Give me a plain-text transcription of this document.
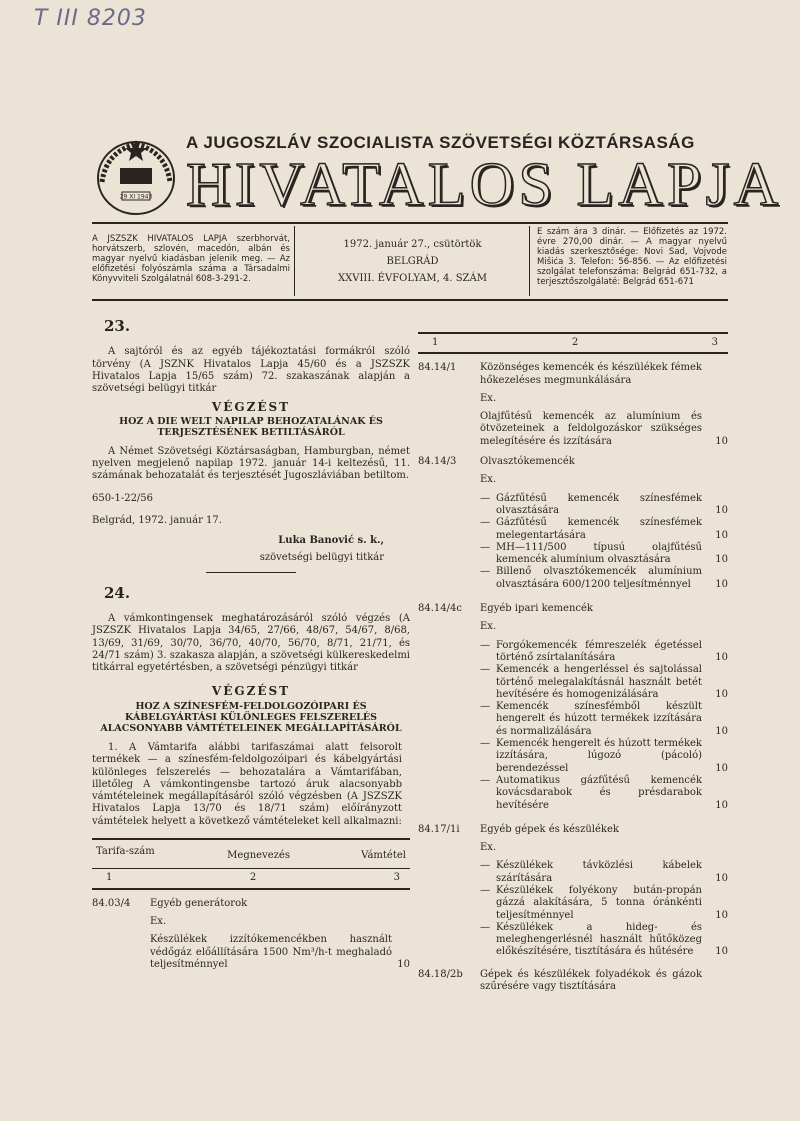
T III 8203
29 XI 1943
A JUGOSZLÁV SZOCIALISTA SZÖVETSÉGI KÖZTÁRSASÁG
HIVATALOS LAPJA
A JSZSZK HIVATALOS LAPJA szerbhorvát, horvátszerb, szlovén, macedón, albán és magyar nyelvű kiadásban jelenik meg. — Az előfizetési folyószámla száma a Társadalmi Könyvviteli Szolgálatnál 608-3-291-2.
1972. január 27., csütörtök
BELGRÁD
XXVIII. ÉVFOLYAM, 4. SZÁM
E szám ára 3 dinár. — Előfizetés az 1972. évre 270,00 dinár. — A magyar nyelvű kiadás szerkesztősége: Novi Sad, Vojvode Mišića 3. Telefon: 56-856. — Az előfizetési szolgálat telefonszáma: Belgrád 651-732, a terjesztőszolgálaté: Belgrád 651-671
23.

A sajtóról és az egyéb tájékoztatási formákról szóló törvény (A JSZNK Hivatalos Lapja 45/60 és a JSZSZK Hivatalos Lapja 15/65 szám) 72. szakaszának alapján a szövetségi belügyi titkár

VÉGZÉST
HOZ A DIE WELT NAPILAP BEHOZATALÁNAK ÉS TERJESZTÉSÉNEK BETILTÁSÁRÓL

A Német Szövetségi Köztársaságban, Hamburgban, német nyelven megjelenő napilap 1972. január 14-i keltezésű, 11. számának behozatalát és terjesztését Jugoszláviában betiltom.

650-1-22/56

Belgrád, 1972. január 17.

Luka Banović s. k.,

szövetségi belügyi titkár

24.

A vámkontingensek meghatározásáról szóló végzés (A JSZSZK Hivatalos Lapja 34/65, 27/66, 48/67, 54/67, 8/68, 13/69, 31/69, 30/70, 36/70, 40/70, 56/70, 8/71, 21/71, és 24/71 szám) 3. szakasza alapján, a szövetségi külkereskedelmi titkárral egyetértésben, a szövetségi pénzügyi titkár

VÉGZÉST
HOZ A SZÍNESFÉM-FELDOLGOZÓIPARI ÉS KÁBELGYÁRTÁSI KÜLÖNLEGES FELSZERELÉS ALACSONYABB VÁMTÉTELEINEK MEGÁLLAPÍTÁSÁRÓL

1. A Vámtarifa alábbi tarifaszámai alatt felsorolt termékek — a színesfém-feldolgozóipari és kábelgyártási különleges felszerelés — behozatalára a Vámtarifában, illetőleg A vámkontingensbe tartozó áruk alacsonyabb vámtételeinek megállapításáról szóló végzésben (A JSZSZK Hivatalos Lapja 13/70 és 18/71 szám) előírányzott vámtételek helyett a következő vámtételeket kell alkalmazni:

Tarifa-szám	Megnevezés	Vámtétel
1	2	3
84.03/4	Egyéb generátorok
Ex.
Készülékek izzítókemencékben használt védőgáz előállítására 1500 Nm³/h-t meghaladó teljesítménnyel	10
1	2	3
84.14/1	Közönséges kemencék és készülékek fémek hőkezeléses megmunkálására
Ex.
Olajfűtésű kemencék az alumínium és ötvözeteinek a feldolgozáskor szükséges melegítésére és izzítására	10
84.14/3	Olvasztókemencék
Ex.
— Gázfűtésű kemencék színesfémek olvasztására	10
— Gázfűtésű kemencék színesfémek melegentartására	10
— MH—111/500 típusú olajfűtésű kemencék alumínium olvasztására	10
— Billenő olvasztókemencék alumínium olvasztására 600/1200 teljesítménnyel	10
84.14/4c	Egyéb ipari kemencék
Ex.
— Forgókemencék fémreszelék égetéssel történő zsírtalanítására	10
— Kemencék a hengerléssel és sajtolással történő melegalakításnál használt betét hevítésére és homogenizálására	10
— Kemencék színesfémből készült hengerelt és húzott termékek izzítására és normalizálására	10
— Kemencék hengerelt és húzott termékek izzítására, lúgozó (pácoló) berendezéssel	10
— Automatikus gázfűtésű kemencék kovácsdarabok és présdarabok hevítésére	10
84.17/1i	Egyéb gépek és készülékek
Ex.
— Készülékek távközlési kábelek szárítására	10
— Készülékek folyékony bután-propán gázzá alakítására, 5 tonna óránkénti teljesítménnyel	10
— Készülékek a hideg- és meleghengerlésnél használt hűtőközeg előkészítésére, tisztítására és hűtésére	10
84.18/2b	Gépek és készülékek folyadékok és gázok szűrésére vagy tisztítására
